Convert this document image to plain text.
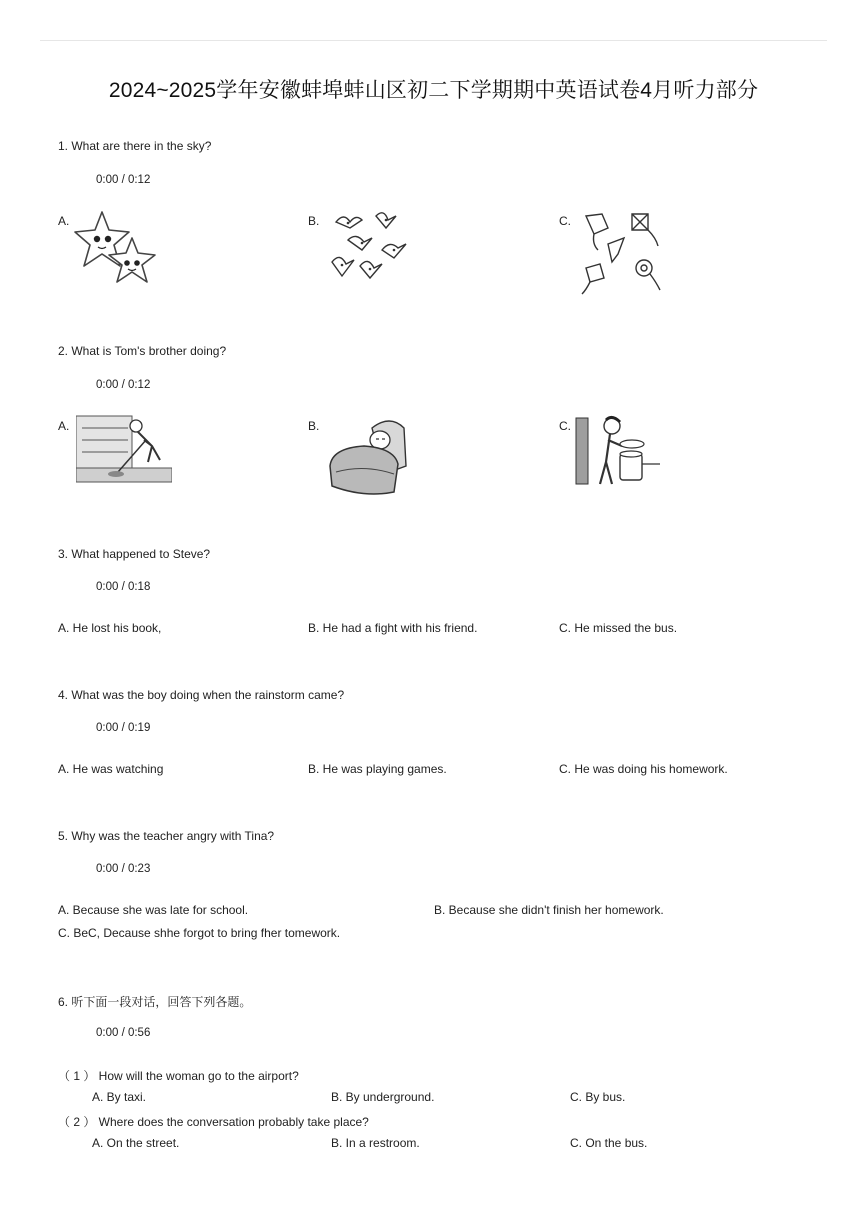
2024~2025学年安徽蚌埠蚌山区初二下学期期中英语试卷4月听力部分
1. What are there in the sky?
0:00 / 0:12
A.	B.	C.
2. What is Tom's brother doing?
0:00 / 0:12
A.	B.	C.
3. What happened to Steve?
0:00 / 0:18
A. He lost his book,	B. He had a fight with his friend.	C. He missed the bus.
4. What was the boy doing when the rainstorm came?
0:00 / 0:19
A. He was watching	B. He was playing games.	C. He was doing his homework.
5. Why was the teacher angry with Tina?
0:00 / 0:23
A. Because she was late for school.	B. Because she didn't finish her homework.
C. BeC, Decause shhe forgot to bring fher tomework.
6. 听下面一段对话，回答下列各题。
0:00 / 0:56
（ 1 ） How will the woman go to the airport?
A. By taxi.	B. By underground.	C. By bus.
（ 2 ） Where does the conversation probably take place?
A. On the street.	B. In a restroom.	C. On the bus.
